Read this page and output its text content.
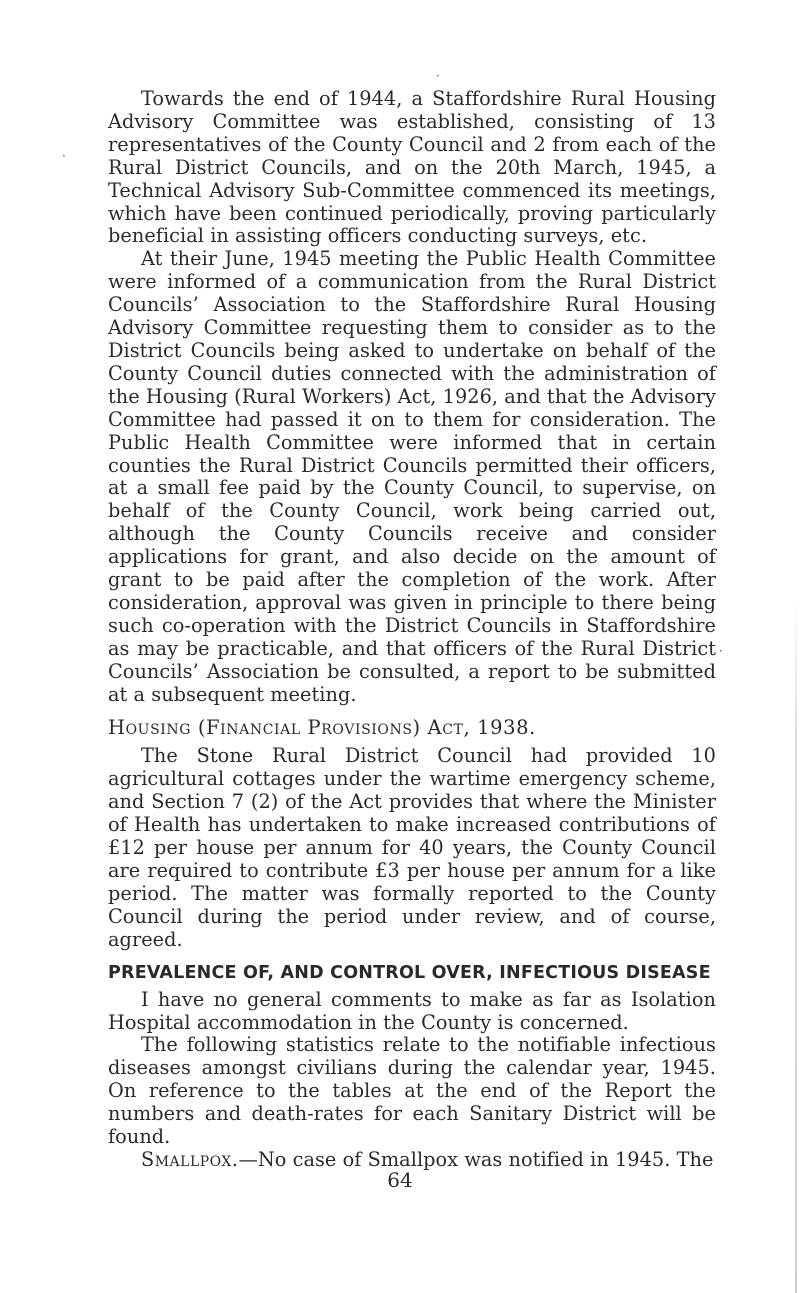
Towards the end of 1944, a Staffordshire Rural Housing Advisory Committee was established, consisting of 13 representatives of the County Council and 2 from each of the Rural District Councils, and on the 20th March, 1945, a Technical Advisory Sub-Committee commenced its meetings, which have been continued periodically, proving particularly beneficial in assisting officers conducting surveys, etc.

At their June, 1945 meeting the Public Health Committee were informed of a communication from the Rural District Councils’ Association to the Staffordshire Rural Housing Advisory Committee requesting them to consider as to the District Councils being asked to undertake on behalf of the County Council duties connected with the administration of the Housing (Rural Workers) Act, 1926, and that the Advisory Committee had passed it on to them for consideration. The Public Health Committee were informed that in certain counties the Rural District Councils permitted their officers, at a small fee paid by the County Council, to supervise, on behalf of the County Council, work being carried out, although the County Councils receive and consider applications for grant, and also decide on the amount of grant to be paid after the completion of the work. After consideration, approval was given in principle to there being such co-operation with the District Councils in Staffordshire as may be practicable, and that officers of the Rural District Councils’ Association be consulted, a report to be submitted at a subsequent meeting.

Housing (Financial Provisions) Act, 1938.

The Stone Rural District Council had provided 10 agricultural cottages under the wartime emergency scheme, and Section 7 (2) of the Act provides that where the Minister of Health has undertaken to make increased contributions of £12 per house per annum for 40 years, the County Council are required to contribute £3 per house per annum for a like period. The matter was formally reported to the County Council during the period under review, and of course, agreed.

PREVALENCE OF, AND CONTROL OVER, INFECTIOUS DISEASE

I have no general comments to make as far as Isolation Hospital accommodation in the County is concerned.

The following statistics relate to the notifiable infectious diseases amongst civilians during the calendar year, 1945. On reference to the tables at the end of the Report the numbers and death-rates for each Sanitary District will be found.

Smallpox.—No case of Smallpox was notified in 1945. The

64
·
·
·
